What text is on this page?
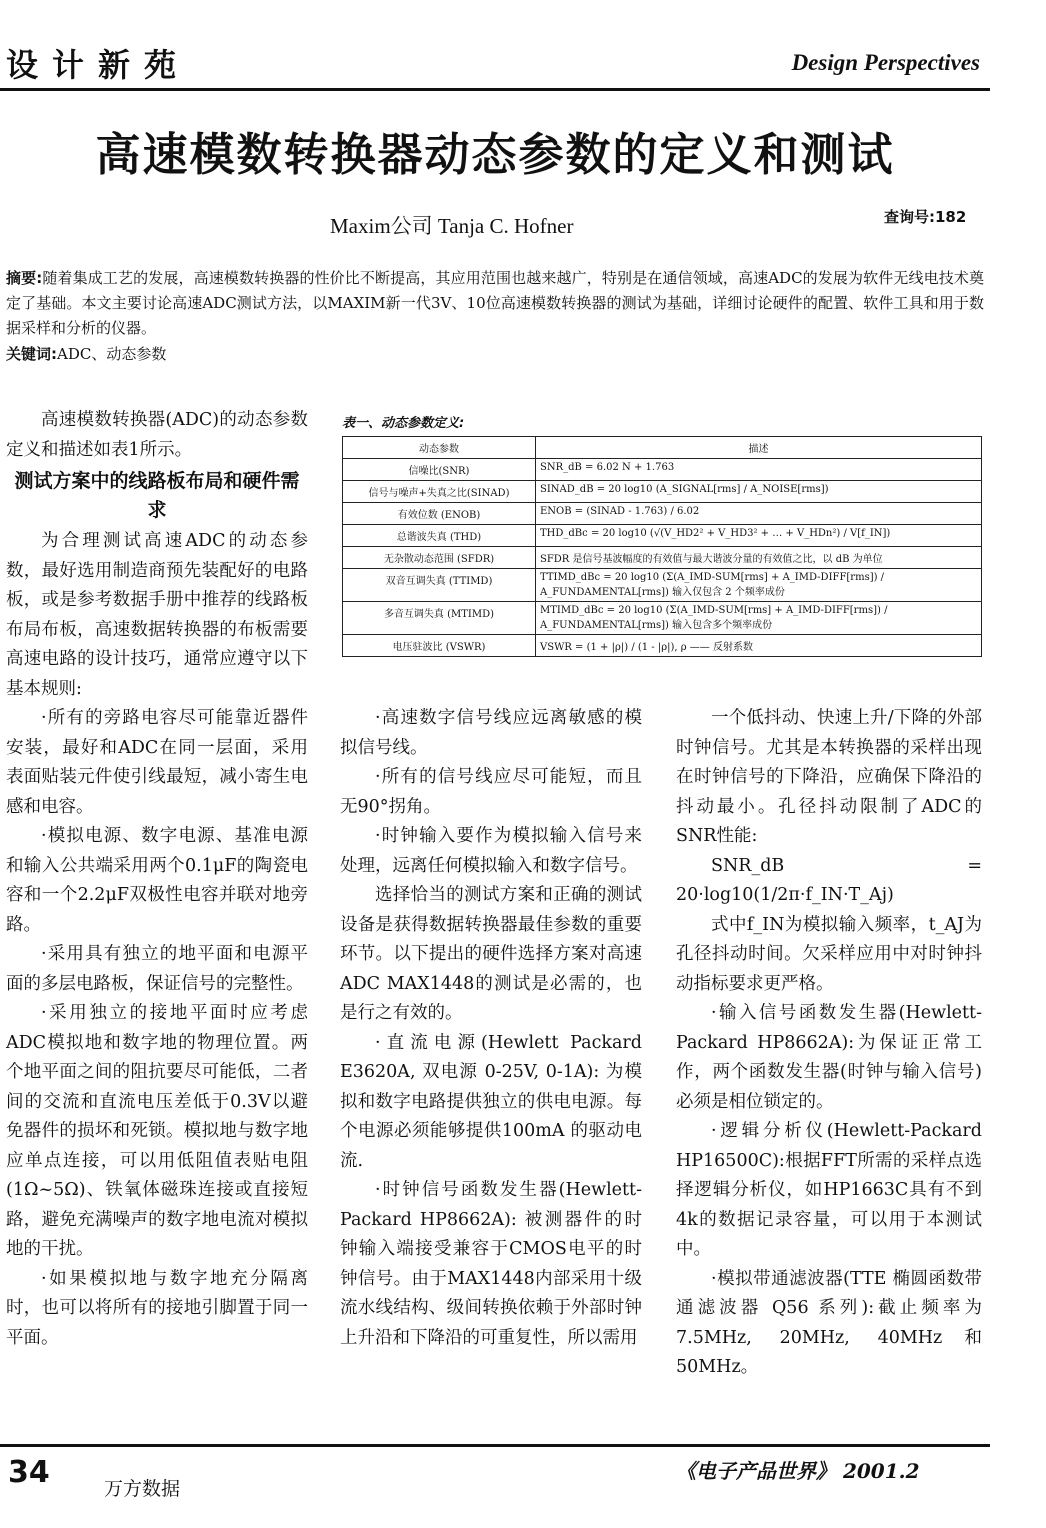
设计新苑	Design Perspectives
高速模数转换器动态参数的定义和测试
Maxim公司 Tanja C. Hofner	查询号:182
摘要:随着集成工艺的发展，高速模数转换器的性价比不断提高，其应用范围也越来越广，特别是在通信领域，高速ADC的发展为软件无线电技术奠定了基础。本文主要讨论高速ADC测试方法，以MAXIM新一代3V、10位高速模数转换器的测试为基础，详细讨论硬件的配置、软件工具和用于数据采样和分析的仪器。
关键词:ADC、动态参数

高速模数转换器(ADC)的动态参数定义和描述如表1所示。

测试方案中的线路板布局和硬件需求

为合理测试高速ADC的动态参数，最好选用制造商预先装配好的电路板，或是参考数据手册中推荐的线路板布局布板，高速数据转换器的布板需要高速电路的设计技巧，通常应遵守以下基本规则:

·所有的旁路电容尽可能靠近器件安装，最好和ADC在同一层面，采用表面贴装元件使引线最短，减小寄生电感和电容。

·模拟电源、数字电源、基准电源和输入公共端采用两个0.1μF的陶瓷电容和一个2.2μF双极性电容并联对地旁路。

·采用具有独立的地平面和电源平面的多层电路板，保证信号的完整性。

·采用独立的接地平面时应考虑ADC模拟地和数字地的物理位置。两个地平面之间的阻抗要尽可能低，二者间的交流和直流电压差低于0.3V以避免器件的损坏和死锁。模拟地与数字地应单点连接，可以用低阻值表贴电阻(1Ω~5Ω)、铁氧体磁珠连接或直接短路，避免充满噪声的数字地电流对模拟地的干扰。

·如果模拟地与数字地充分隔离时，也可以将所有的接地引脚置于同一平面。

表一、动态参数定义:
动态参数	描述
信噪比(SNR)	SNR_dB = 6.02 N + 1.763
信号与噪声+失真之比(SINAD)	SINAD_dB = 20 log10 (A_SIGNAL[rms] / A_NOISE[rms])
有效位数 (ENOB)	ENOB = (SINAD - 1.763) / 6.02
总谐波失真 (THD)	THD_dBc = 20 log10 (√(V_HD2² + V_HD3² + … + V_HDn²) / V[f_IN])
无杂散动态范围 (SFDR)	SFDR 是信号基波幅度的有效值与最大谐波分量的有效值之比，以 dB 为单位
双音互调失真 (TTIMD)	TTIMD_dBc = 20 log10 (Σ(A_IMD-SUM[rms] + A_IMD-DIFF[rms]) / A_FUNDAMENTAL[rms]) 输入仅包含 2 个频率成份
多音互调失真 (MTIMD)	MTIMD_dBc = 20 log10 (Σ(A_IMD-SUM[rms] + A_IMD-DIFF[rms]) / A_FUNDAMENTAL[rms]) 输入包含多个频率成份
电压驻波比 (VSWR)	VSWR = (1 + |ρ|) / (1 - |ρ|), ρ —— 反射系数

·高速数字信号线应远离敏感的模拟信号线。

·所有的信号线应尽可能短，而且无90°拐角。

·时钟输入要作为模拟输入信号来处理，远离任何模拟输入和数字信号。

选择恰当的测试方案和正确的测试设备是获得数据转换器最佳参数的重要环节。以下提出的硬件选择方案对高速ADC MAX1448的测试是必需的，也是行之有效的。

·直流电源(Hewlett Packard E3620A, 双电源 0-25V, 0-1A): 为模拟和数字电路提供独立的供电电源。每个电源必须能够提供100mA 的驱动电流.

·时钟信号函数发生器(Hewlett-Packard HP8662A): 被测器件的时钟输入端接受兼容于CMOS电平的时钟信号。由于MAX1448内部采用十级流水线结构、级间转换依赖于外部时钟上升沿和下降沿的可重复性，所以需用

一个低抖动、快速上升/下降的外部时钟信号。尤其是本转换器的采样出现在时钟信号的下降沿，应确保下降沿的抖动最小。孔径抖动限制了ADC的SNR性能:

SNR_dB = 20·log10(1/2π·f_IN·T_Aj)

式中f_IN为模拟输入频率，t_AJ为孔径抖动时间。欠采样应用中对时钟抖动指标要求更严格。

·输入信号函数发生器(Hewlett-Packard HP8662A):为保证正常工作，两个函数发生器(时钟与输入信号)必须是相位锁定的。

·逻辑分析仪(Hewlett-Packard HP16500C):根据FFT所需的采样点选择逻辑分析仪，如HP1663C具有不到4k的数据记录容量，可以用于本测试中。

·模拟带通滤波器(TTE 椭圆函数带通滤波器 Q56 系列):截止频率为7.5MHz, 20MHz, 40MHz和 50MHz。

34	万方数据
《电子产品世界》 2001.2
